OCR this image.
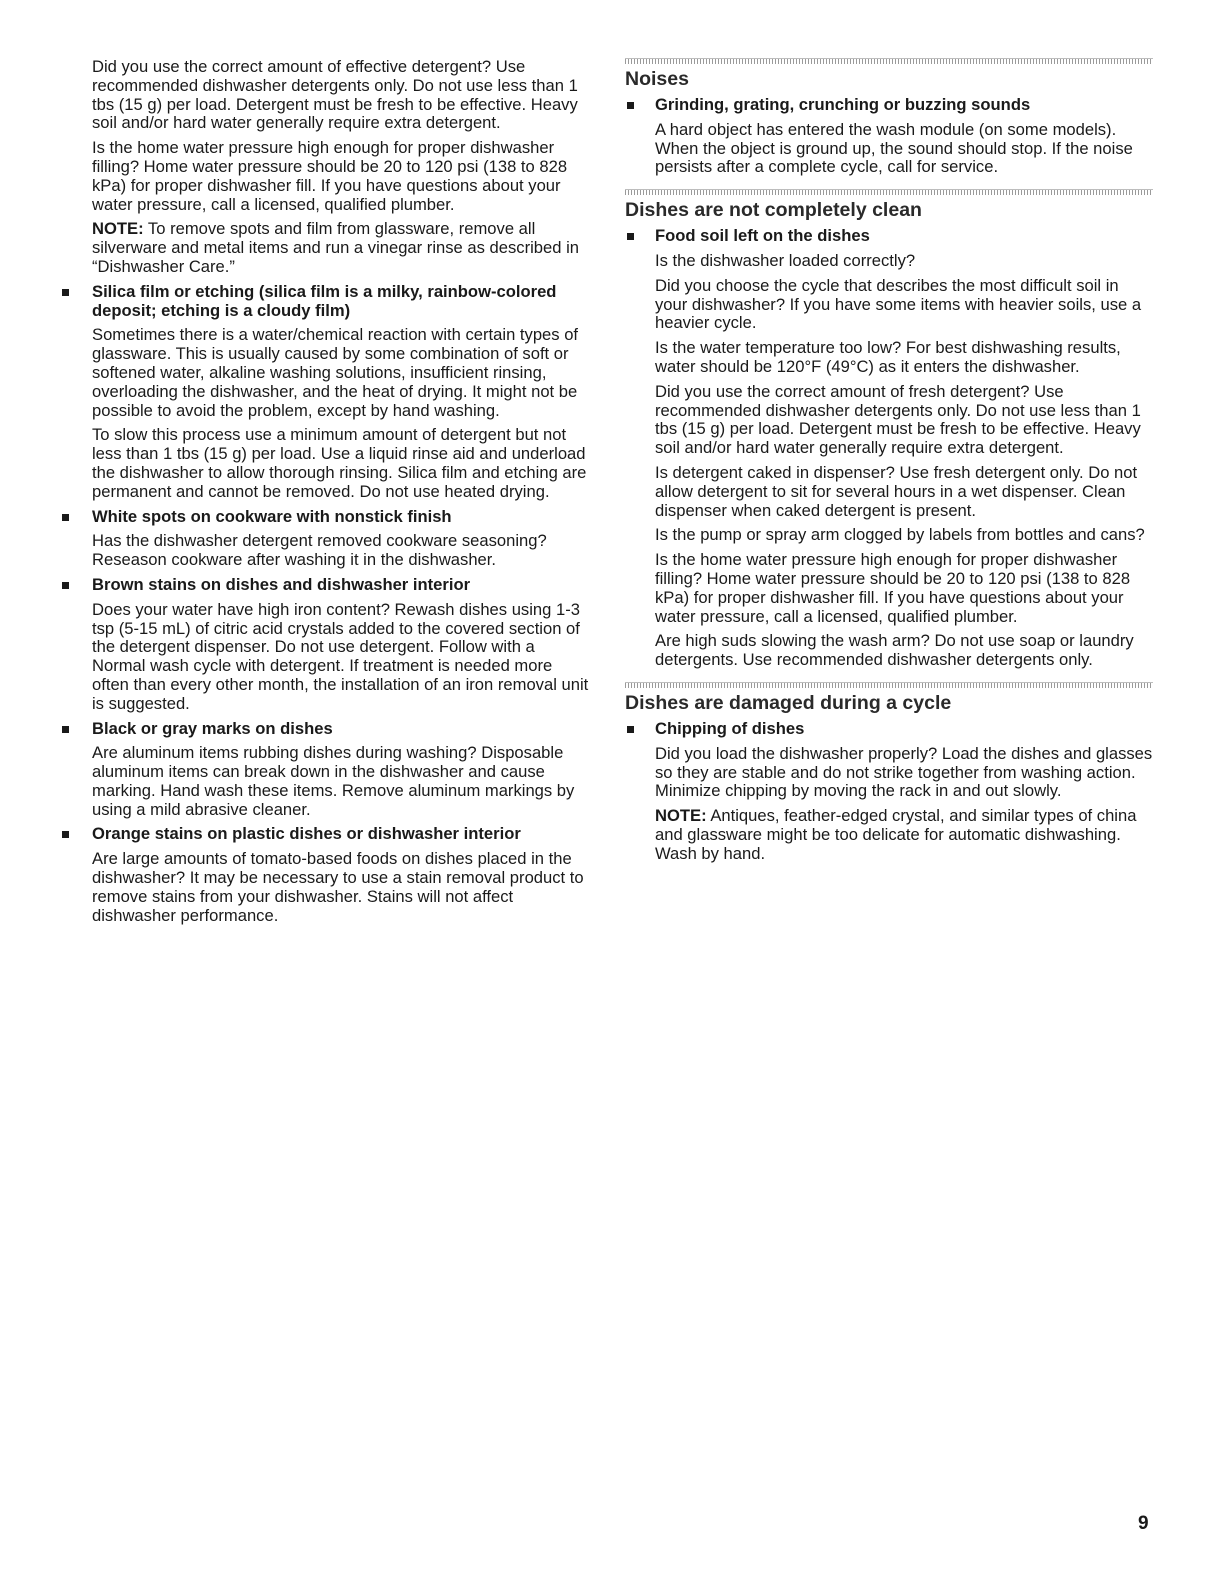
Did you use the correct amount of effective detergent? Use recommended dishwasher detergents only. Do not use less than 1 tbs (15 g) per load. Detergent must be fresh to be effective. Heavy soil and/or hard water generally require extra detergent.

Is the home water pressure high enough for proper dishwasher filling? Home water pressure should be 20 to 120 psi (138 to 828 kPa) for proper dishwasher fill. If you have questions about your water pressure, call a licensed, qualified plumber.

NOTE: To remove spots and film from glassware, remove all silverware and metal items and run a vinegar rinse as described in “Dishwasher Care.”

Silica film or etching (silica film is a milky, rainbow-colored deposit; etching is a cloudy film)

Sometimes there is a water/chemical reaction with certain types of glassware. This is usually caused by some combination of soft or softened water, alkaline washing solutions, insufficient rinsing, overloading the dishwasher, and the heat of drying. It might not be possible to avoid the problem, except by hand washing.

To slow this process use a minimum amount of detergent but not less than 1 tbs (15 g) per load. Use a liquid rinse aid and underload the dishwasher to allow thorough rinsing. Silica film and etching are permanent and cannot be removed. Do not use heated drying.

White spots on cookware with nonstick finish

Has the dishwasher detergent removed cookware seasoning? Reseason cookware after washing it in the dishwasher.

Brown stains on dishes and dishwasher interior

Does your water have high iron content? Rewash dishes using 1-3 tsp (5-15 mL) of citric acid crystals added to the covered section of the detergent dispenser. Do not use detergent. Follow with a Normal wash cycle with detergent. If treatment is needed more often than every other month, the installation of an iron removal unit is suggested.

Black or gray marks on dishes

Are aluminum items rubbing dishes during washing? Disposable aluminum items can break down in the dishwasher and cause marking. Hand wash these items. Remove aluminum markings by using a mild abrasive cleaner.

Orange stains on plastic dishes or dishwasher interior

Are large amounts of tomato-based foods on dishes placed in the dishwasher? It may be necessary to use a stain removal product to remove stains from your dishwasher. Stains will not affect dishwasher performance.

Noises
Grinding, grating, crunching or buzzing sounds

A hard object has entered the wash module (on some models). When the object is ground up, the sound should stop. If the noise persists after a complete cycle, call for service.

Dishes are not completely clean
Food soil left on the dishes

Is the dishwasher loaded correctly?

Did you choose the cycle that describes the most difficult soil in your dishwasher? If you have some items with heavier soils, use a heavier cycle.

Is the water temperature too low? For best dishwashing results, water should be 120°F (49°C) as it enters the dishwasher.

Did you use the correct amount of fresh detergent? Use recommended dishwasher detergents only. Do not use less than 1 tbs (15 g) per load. Detergent must be fresh to be effective. Heavy soil and/or hard water generally require extra detergent.

Is detergent caked in dispenser? Use fresh detergent only. Do not allow detergent to sit for several hours in a wet dispenser. Clean dispenser when caked detergent is present.

Is the pump or spray arm clogged by labels from bottles and cans?

Is the home water pressure high enough for proper dishwasher filling? Home water pressure should be 20 to 120 psi (138 to 828 kPa) for proper dishwasher fill. If you have questions about your water pressure, call a licensed, qualified plumber.

Are high suds slowing the wash arm? Do not use soap or laundry detergents. Use recommended dishwasher detergents only.

Dishes are damaged during a cycle
Chipping of dishes

Did you load the dishwasher properly? Load the dishes and glasses so they are stable and do not strike together from washing action. Minimize chipping by moving the rack in and out slowly.

NOTE: Antiques, feather-edged crystal, and similar types of china and glassware might be too delicate for automatic dishwashing. Wash by hand.

9
